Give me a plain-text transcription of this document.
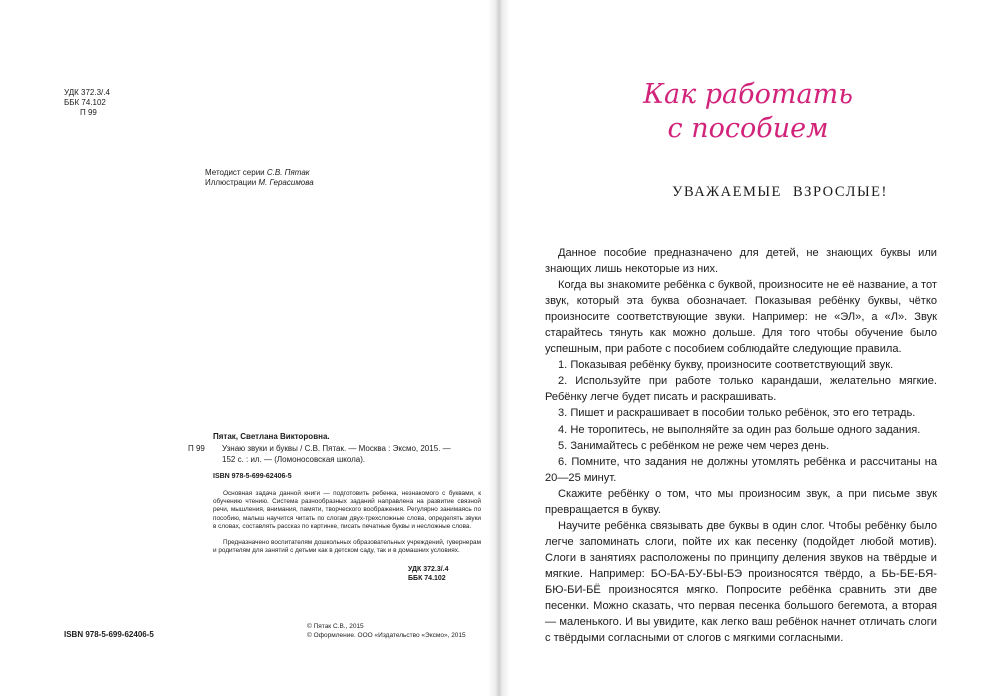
УДК 372.3/.4
ББК 74.102
П 99
Методист серии С.В. Пятак
Иллюстрации М. Герасимова
Пятак, Светлана Викторовна.
П 99 Узнаю звуки и буквы / С.В. Пятак. — Москва : Эксмо, 2015. —
152 с. : ил. — (Ломоносовская школа).
ISBN 978-5-699-62406-5
Основная задача данной книги — подготовить ребенка, незнакомого с буквами, к обучению чтению. Система разнообразных заданий направлена на развитие связной речи, мышления, внимания, памяти, творческого воображения. Регулярно занимаясь по пособию, малыш научится читать по слогам двух-трехсложные слова, определять звуки в словах, составлять рассказ по картинке, писать печатные буквы и несложные слова.
Предназначено воспитателям дошкольных образовательных учреждений, гувернерам и родителям для занятий с детьми как в детском саду, так и в домашних условиях.
УДК 372.3/.4
ББК 74.102
ISBN 978-5-699-62406-5
© Пятак С.В., 2015
© Оформление. ООО «Издательство «Эксмо», 2015
Как работать
с пособием
УВАЖАЕМЫЕ ВЗРОСЛЫЕ!

Данное пособие предназначено для детей, не знающих буквы или знающих лишь некоторые из них.

Когда вы знакомите ребёнка с буквой, произносите не её название, а тот звук, который эта буква обозначает. Показывая ребёнку буквы, чётко произносите соответствующие звуки. Например: не «ЭЛ», а «Л». Звук старайтесь тянуть как можно дольше. Для того чтобы обучение было успешным, при работе с пособием соблюдайте следующие правила.

1. Показывая ребёнку букву, произносите соответствующий звук.

2. Используйте при работе только карандаши, желательно мягкие. Ребёнку легче будет писать и раскрашивать.

3. Пишет и раскрашивает в пособии только ребёнок, это его тетрадь.

4. Не торопитесь, не выполняйте за один раз больше одного задания.

5. Занимайтесь с ребёнком не реже чем через день.

6. Помните, что задания не должны утомлять ребёнка и рассчитаны на 20—25 минут.

Скажите ребёнку о том, что мы произносим звук, а при письме звук превращается в букву.

Научите ребёнка связывать две буквы в один слог. Чтобы ребёнку было легче запоминать слоги, пойте их как песенку (подойдет любой мотив). Слоги в занятиях расположены по принципу деления звуков на твёрдые и мягкие. Например: БО-БА-БУ-БЫ-БЭ произносятся твёрдо, а БЬ-БЕ-БЯ-БЮ-БИ-БЁ произносятся мягко. Попросите ребёнка сравнить эти две песенки. Можно сказать, что первая песенка большого бегемота, а вторая — маленького. И вы увидите, как легко ваш ребёнок начнет отличать слоги с твёрдыми согласными от слогов с мягкими согласными.
